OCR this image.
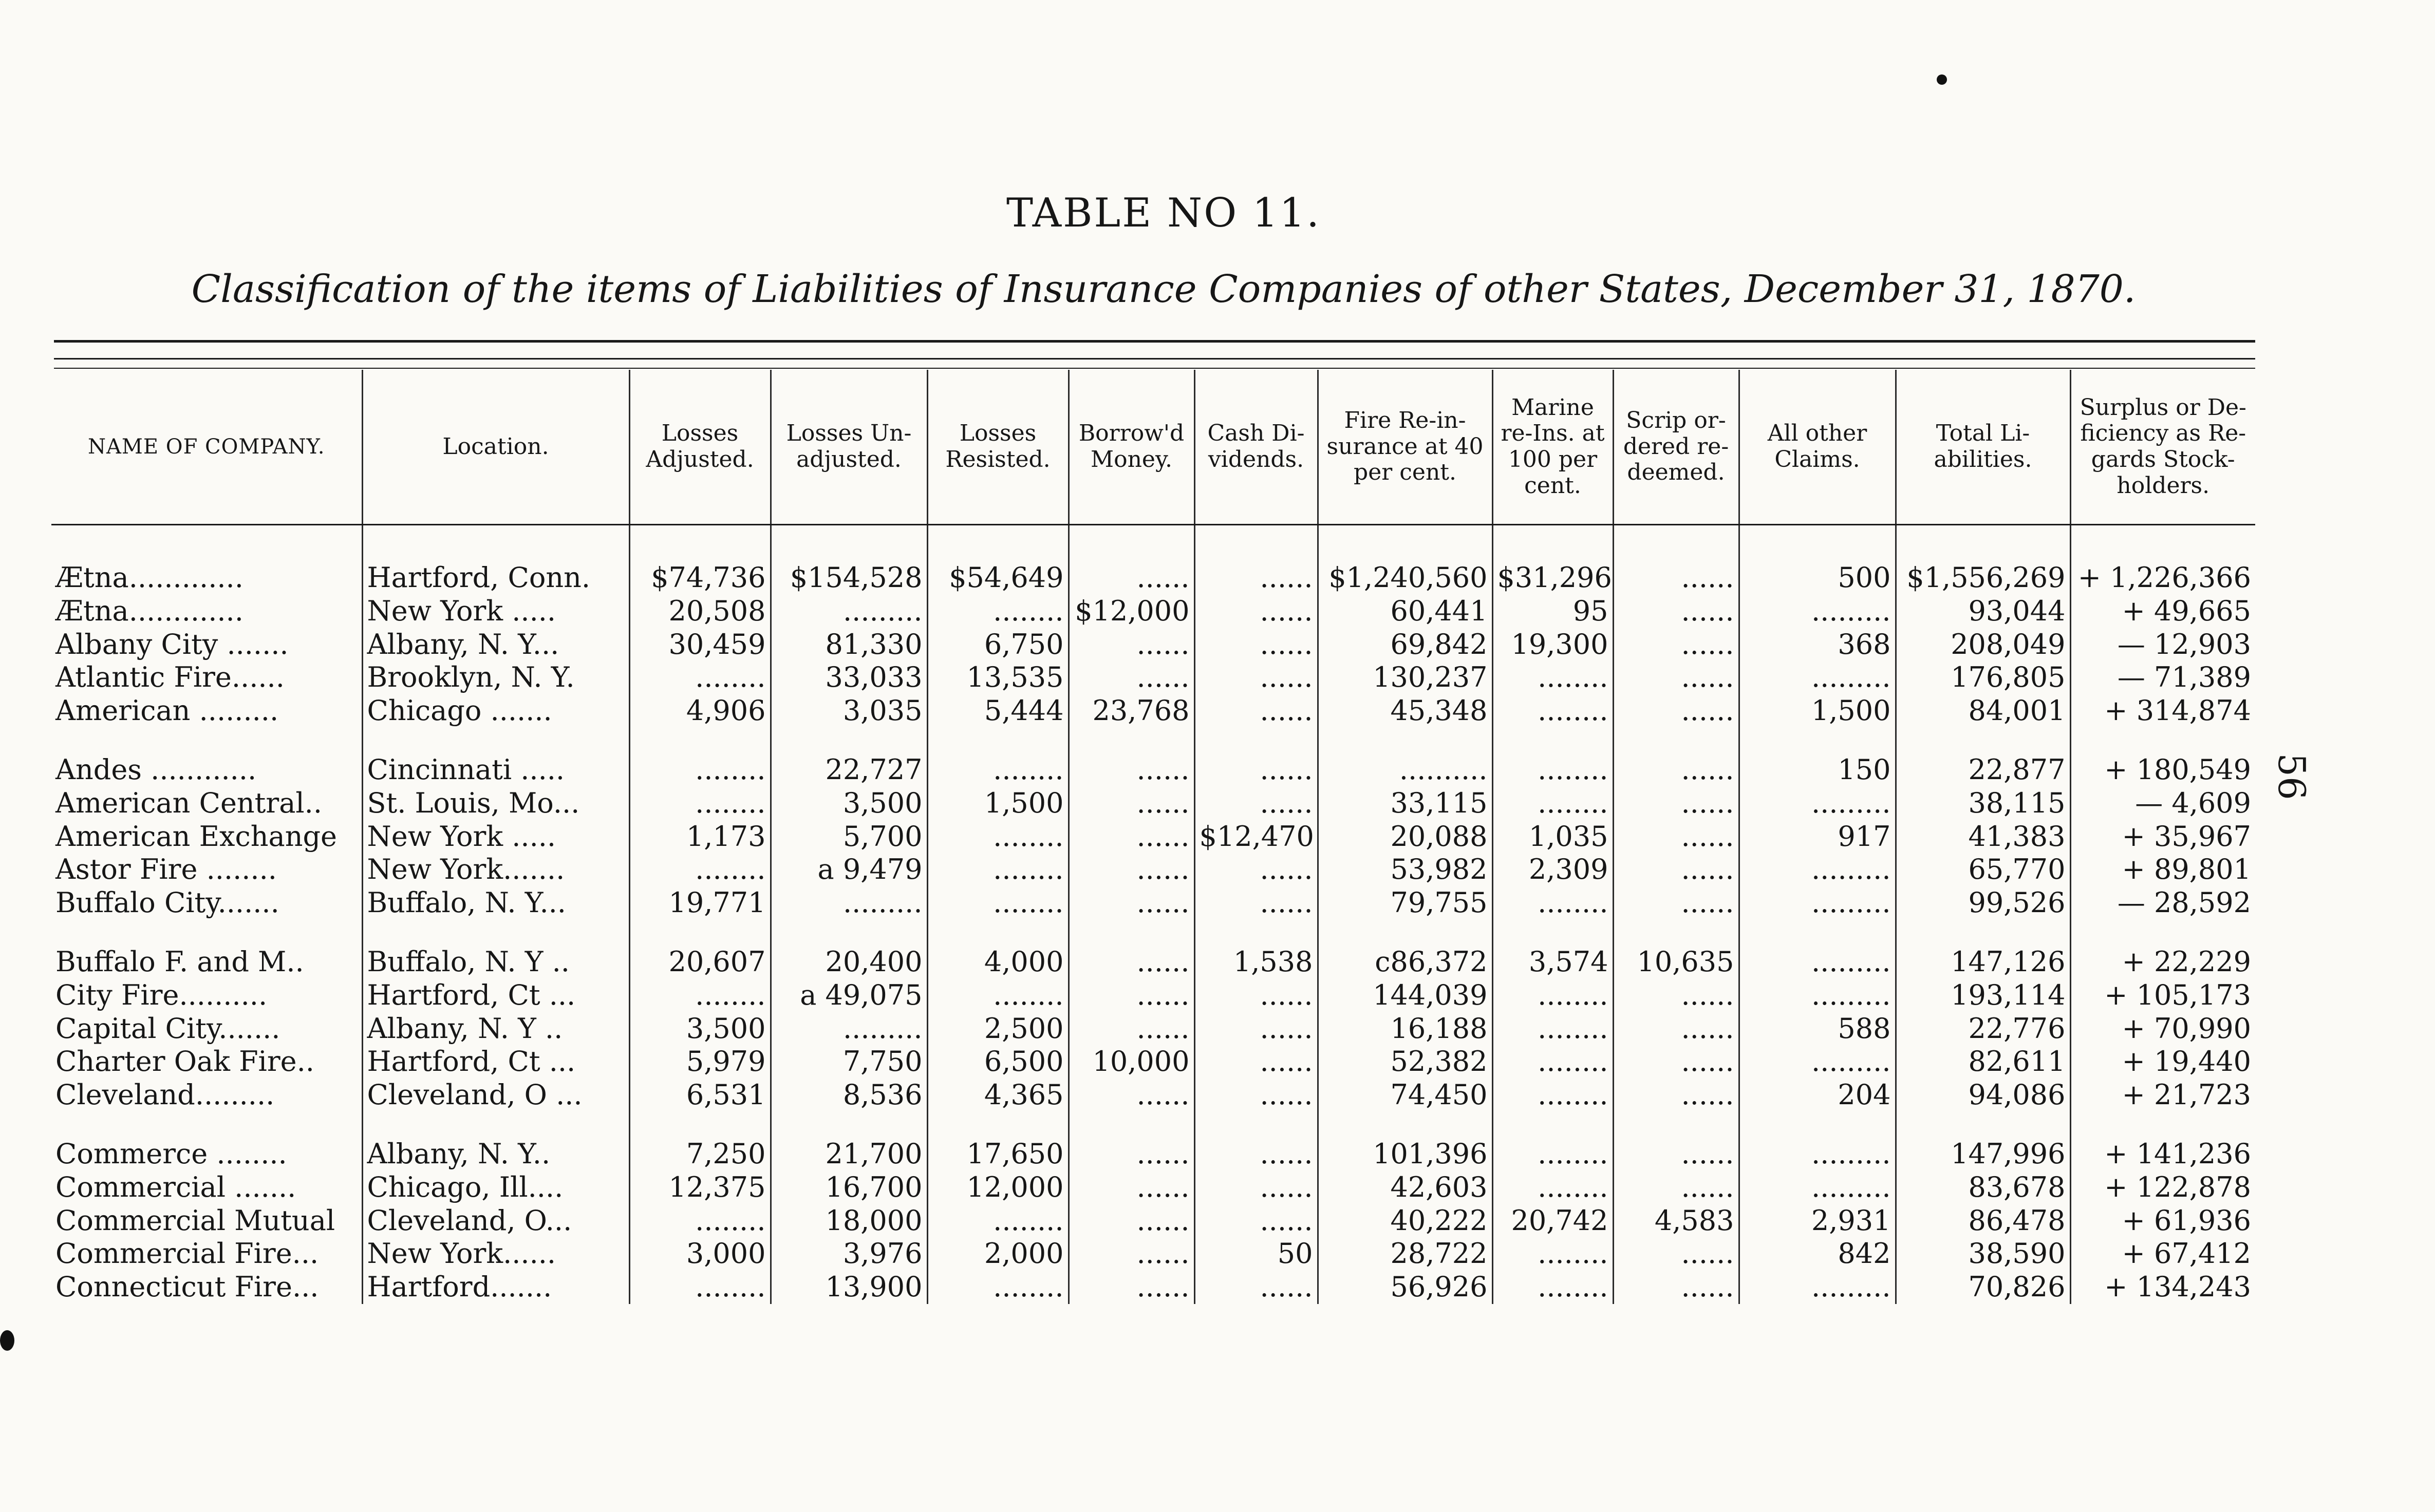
56
TABLE NO 11.
Classification of the items of Liabilities of Insurance Companies of other States, December 31, 1870.
NAME OF COMPANY.	Location.	Losses Adjusted.	Losses Un-adjusted.	Losses Resisted.	Borrow'd Money.	Cash Di-vidends.	Fire Re-in-surance at 40 per cent.	Marine re-Ins. at 100 per cent.	Scrip or-dered re-deemed.	All other Claims.	Total Li-abilities.	Surplus or De-ficiency as Re-gards Stock-holders.
Ætna.............	Hartford, Conn.	$74,736	$154,528	$54,649	......	......	$1,240,560	$31,296	......	500	$1,556,269	+ 1,226,366
Ætna.............	New York .....	20,508	.........	........	$12,000	......	60,441	95	......	.........	93,044	+ 49,665
Albany City .......	Albany, N. Y...	30,459	81,330	6,750	......	......	69,842	19,300	......	368	208,049	— 12,903
Atlantic Fire......	Brooklyn, N. Y.	........	33,033	13,535	......	......	130,237	........	......	.........	176,805	— 71,389
American .........	Chicago .......	4,906	3,035	5,444	23,768	......	45,348	........	......	1,500	84,001	+ 314,874
Andes ............	Cincinnati .....	........	22,727	........	......	......	..........	........	......	150	22,877	+ 180,549
American Central..	St. Louis, Mo...	........	3,500	1,500	......	......	33,115	........	......	.........	38,115	— 4,609
American Exchange	New York .....	1,173	5,700	........	......	$12,470	20,088	1,035	......	917	41,383	+ 35,967
Astor Fire ........	New York.......	........	a 9,479	........	......	......	53,982	2,309	......	.........	65,770	+ 89,801
Buffalo City.......	Buffalo, N. Y...	19,771	.........	........	......	......	79,755	........	......	.........	99,526	— 28,592
Buffalo F. and M..	Buffalo, N. Y ..	20,607	20,400	4,000	......	1,538	c86,372	3,574	10,635	.........	147,126	+ 22,229
City Fire..........	Hartford, Ct ...	........	a 49,075	........	......	......	144,039	........	......	.........	193,114	+ 105,173
Capital City.......	Albany, N. Y ..	3,500	.........	2,500	......	......	16,188	........	......	588	22,776	+ 70,990
Charter Oak Fire..	Hartford, Ct ...	5,979	7,750	6,500	10,000	......	52,382	........	......	.........	82,611	+ 19,440
Cleveland.........	Cleveland, O ...	6,531	8,536	4,365	......	......	74,450	........	......	204	94,086	+ 21,723
Commerce ........	Albany, N. Y..	7,250	21,700	17,650	......	......	101,396	........	......	.........	147,996	+ 141,236
Commercial .......	Chicago, Ill....	12,375	16,700	12,000	......	......	42,603	........	......	.........	83,678	+ 122,878
Commercial Mutual	Cleveland, O...	........	18,000	........	......	......	40,222	20,742	4,583	2,931	86,478	+ 61,936
Commercial Fire...	New York......	3,000	3,976	2,000	......	50	28,722	........	......	842	38,590	+ 67,412
Connecticut Fire...	Hartford.......	........	13,900	........	......	......	56,926	........	......	.........	70,826	+ 134,243
